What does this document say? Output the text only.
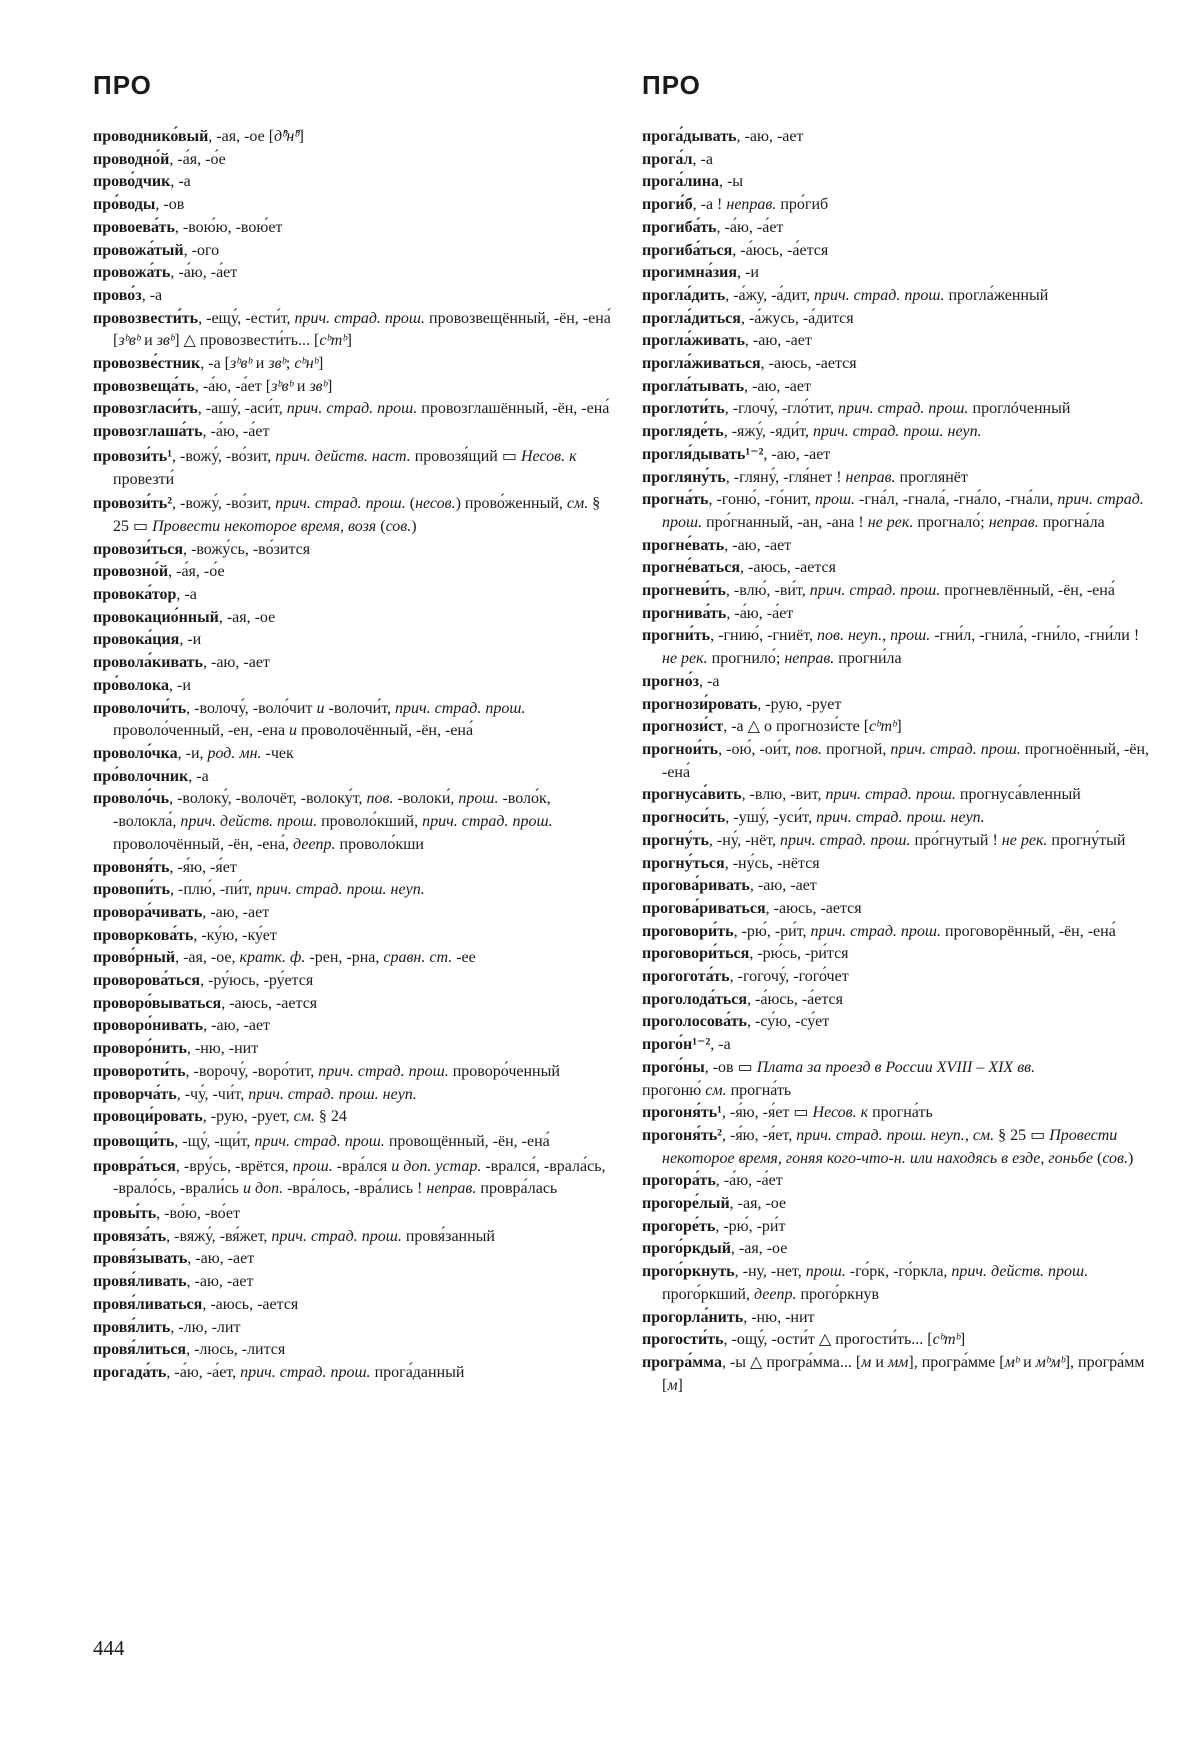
ПРО	ПРО

проводнико́вый, -ая, -ое [д̂ᵇн̂ᵇ]

проводно́й, -а́я, -о́е

прово́дчик, -а

про́воды, -ов

провоева́ть, -вою́ю, -вою́ет

провожа́тый, -ого

провожа́ть, -а́ю, -а́ет

прово́з, -а

провозвести́ть, -ещу́, -ести́т, прич. страд. прош. провозвещённый, -ён, -ена́ [зᵇвᵇ и звᵇ] △ провозвести́ть... [сᵇтᵇ]

провозве́стник, -а [зᵇвᵇ и звᵇ; сᵇнᵇ]

провозвеща́ть, -а́ю, -а́ет [зᵇвᵇ и звᵇ]

провозгласи́ть, -ашу́, -аси́т, прич. страд. прош. провозглашённый, -ён, -ена́

провозглаша́ть, -а́ю, -а́ет

провози́ть¹, -вожу́, -во́зит, прич. действ. наст. провозя́щий ▭ Несов. к провезти́

провози́ть², -вожу́, -во́зит, прич. страд. прош. (несов.) прово́женный, см. § 25 ▭ Провести некоторое время, возя (сов.)

провози́ться, -вожу́сь, -во́зится

провозно́й, -а́я, -о́е

провока́тор, -а

провокацио́нный, -ая, -ое

провока́ция, -и

провола́кивать, -аю, -ает

про́волока, -и

проволочи́ть, -волочу́, -воло́чит и -волочи́т, прич. страд. прош. проволо́ченный, -ен, -ена и проволочённый, -ён, -ена́

проволо́чка, -и, род. мн. -чек

про́волочник, -а

проволо́чь, -волоку́, -волочёт, -волоку́т, пов. -волоки́, прош. -воло́к, -волокла́, прич. действ. прош. проволо́кший, прич. страд. прош. проволочённый, -ён, -ена́, деепр. проволо́кши

провоня́ть, -я́ю, -я́ет

провопи́ть, -плю́, -пи́т, прич. страд. прош. неуп.

провора́чивать, -аю, -ает

проворкова́ть, -ку́ю, -ку́ет

прово́рный, -ая, -ое, кратк. ф. -рен, -рна, сравн. ст. -ее

проворова́ться, -ру́юсь, -ру́ется

проворо́вываться, -аюсь, -ается

проворо́нивать, -аю, -ает

проворо́нить, -ню, -нит

проворoти́ть, -ворочу́, -воро́тит, прич. страд. прош. проворо́ченный

проворча́ть, -чу́, -чи́т, прич. страд. прош. неуп.

провоци́ровать, -рую, -рует, см. § 24

провощи́ть, -щу́, -щи́т, прич. страд. прош. провощённый, -ён, -ена́

провра́ться, -вру́сь, -врётся, прош. -вра́лся и доп. устар. -врался́, -врала́сь, -врало́сь, -врали́сь и доп. -вра́лось, -вра́лись ! неправ. провра́лась

провы́ть, -во́ю, -во́ет

провяза́ть, -вяжу́, -вя́жет, прич. страд. прош. провя́занный

провя́зывать, -аю, -ает

провя́ливать, -аю, -ает

провя́ливаться, -аюсь, -ается

провя́лить, -лю, -лит

провя́литься, -люсь, -лится

прогада́ть, -а́ю, -а́ет, прич. страд. прош. прога́данный

прога́дывать, -аю, -ает

прога́л, -а

прога́лина, -ы

проги́б, -а ! неправ. про́гиб

прогиба́ть, -а́ю, -а́ет

прогиба́ться, -а́юсь, -а́ется

прогимна́зия, -и

прогла́дить, -а́жу, -а́дит, прич. страд. прош. прогла́женный

прогла́диться, -а́жусь, -а́дится

прогла́живать, -аю, -ает

прогла́живаться, -аюсь, -ается

прогла́тывать, -аю, -ает

проглоти́ть, -глочу́, -гло́тит, прич. страд. прош. проглóченный

прогляде́ть, -яжу́, -яди́т, прич. страд. прош. неуп.

прогля́дывать¹⁻², -аю, -ает

прогляну́ть, -гляну́, -гля́нет ! неправ. проглянёт

прогна́ть, -гоню́, -го́нит, прош. -гна́л, -гнала́, -гна́ло, -гна́ли, прич. страд. прош. про́гнанный, -ан, -ана ! не рек. прогнало́; неправ. прогна́ла

прогне́вать, -аю, -ает

прогне́ваться, -аюсь, -ается

прогневи́ть, -влю́, -ви́т, прич. страд. прош. прогневлённый, -ён, -ена́

прогнива́ть, -а́ю, -а́ет

прогни́ть, -гнию́, -гниёт, пов. неуп., прош. -гни́л, -гнила́, -гни́ло, -гни́ли ! не рек. прогнило́; неправ. прогни́ла

прогно́з, -а

прогнози́ровать, -рую, -рует

прогнози́ст, -а △ о прогнози́сте [сᵇтᵇ]

прогнои́ть, -ою́, -ои́т, пов. прогной, прич. страд. прош. прогноённый, -ён, -ена́

прогнуса́вить, -влю, -вит, прич. страд. прош. прогнуса́вленный

прогноси́ть, -ушу́, -уси́т, прич. страд. прош. неуп.

прогну́ть, -ну́, -нёт, прич. страд. прош. про́гнутый ! не рек. прогну́тый

прогну́ться, -ну́сь, -нётся

прогова́ривать, -аю, -ает

прогова́риваться, -аюсь, -ается

проговори́ть, -рю́, -ри́т, прич. страд. прош. проговорённый, -ён, -ена́

проговори́ться, -рю́сь, -ри́тся

прогогота́ть, -гогочу́, -гого́чет

проголода́ться, -а́юсь, -а́ется

проголосова́ть, -су́ю, -су́ет

прого́н¹⁻², -а

прого́ны, -ов ▭ Плата за проезд в России XVIII – XIX вв.

прогоню́ см. прогна́ть

прогоня́ть¹, -я́ю, -я́ет ▭ Несов. к прогна́ть

прогоня́ть², -я́ю, -я́ет, прич. страд. прош. неуп., см. § 25 ▭ Провести некоторое время, гоняя кого-что-н. или находясь в езде, гоньбе (сов.)

прогора́ть, -а́ю, -а́ет

прогоре́лый, -ая, -ое

прогоре́ть, -рю́, -ри́т

прого́ркдый, -ая, -ое

прого́ркнуть, -ну, -нет, прош. -го́рк, -го́ркла, прич. действ. прош. прого́ркший, деепр. прого́ркнув

прогорла́нить, -ню, -нит

прогости́ть, -ощу́, -ости́т △ прогости́ть... [сᵇтᵇ]

програ́мма, -ы △ програ́мма... [м и мм], програ́мме [мᵇ и мᵇмᵇ], програ́мм [м]

444
